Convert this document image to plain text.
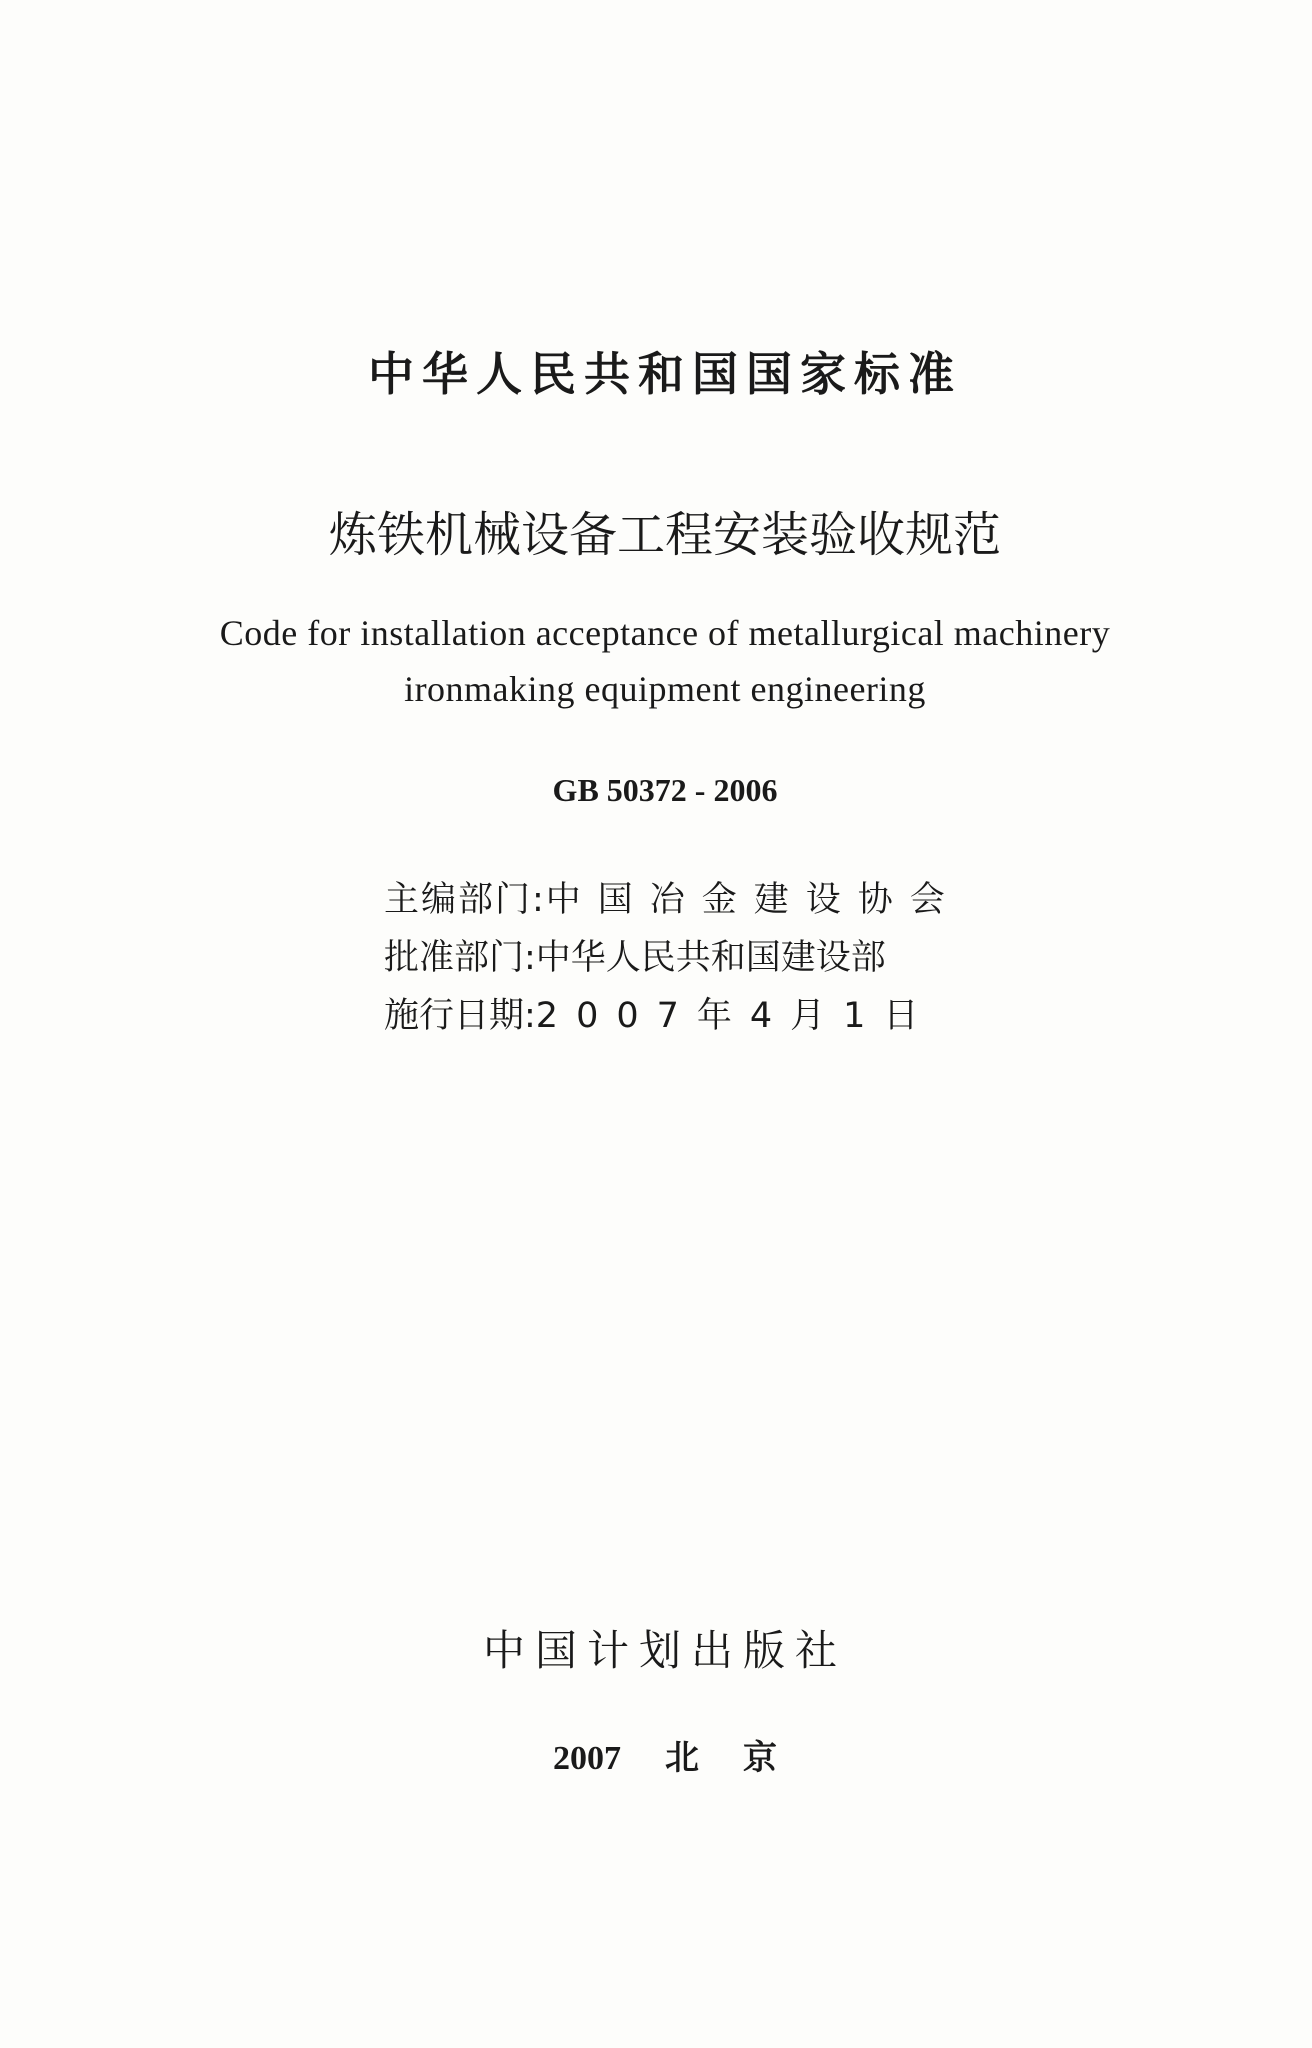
中华人民共和国国家标准
炼铁机械设备工程安装验收规范
Code for installation acceptance of metallurgical machinery
ironmaking equipment engineering
GB 50372 - 2006
主编部门:中国冶金建设协会
批准部门:中华人民共和国建设部
施行日期:2007年4月1日
中国计划出版社
2007 北 京
